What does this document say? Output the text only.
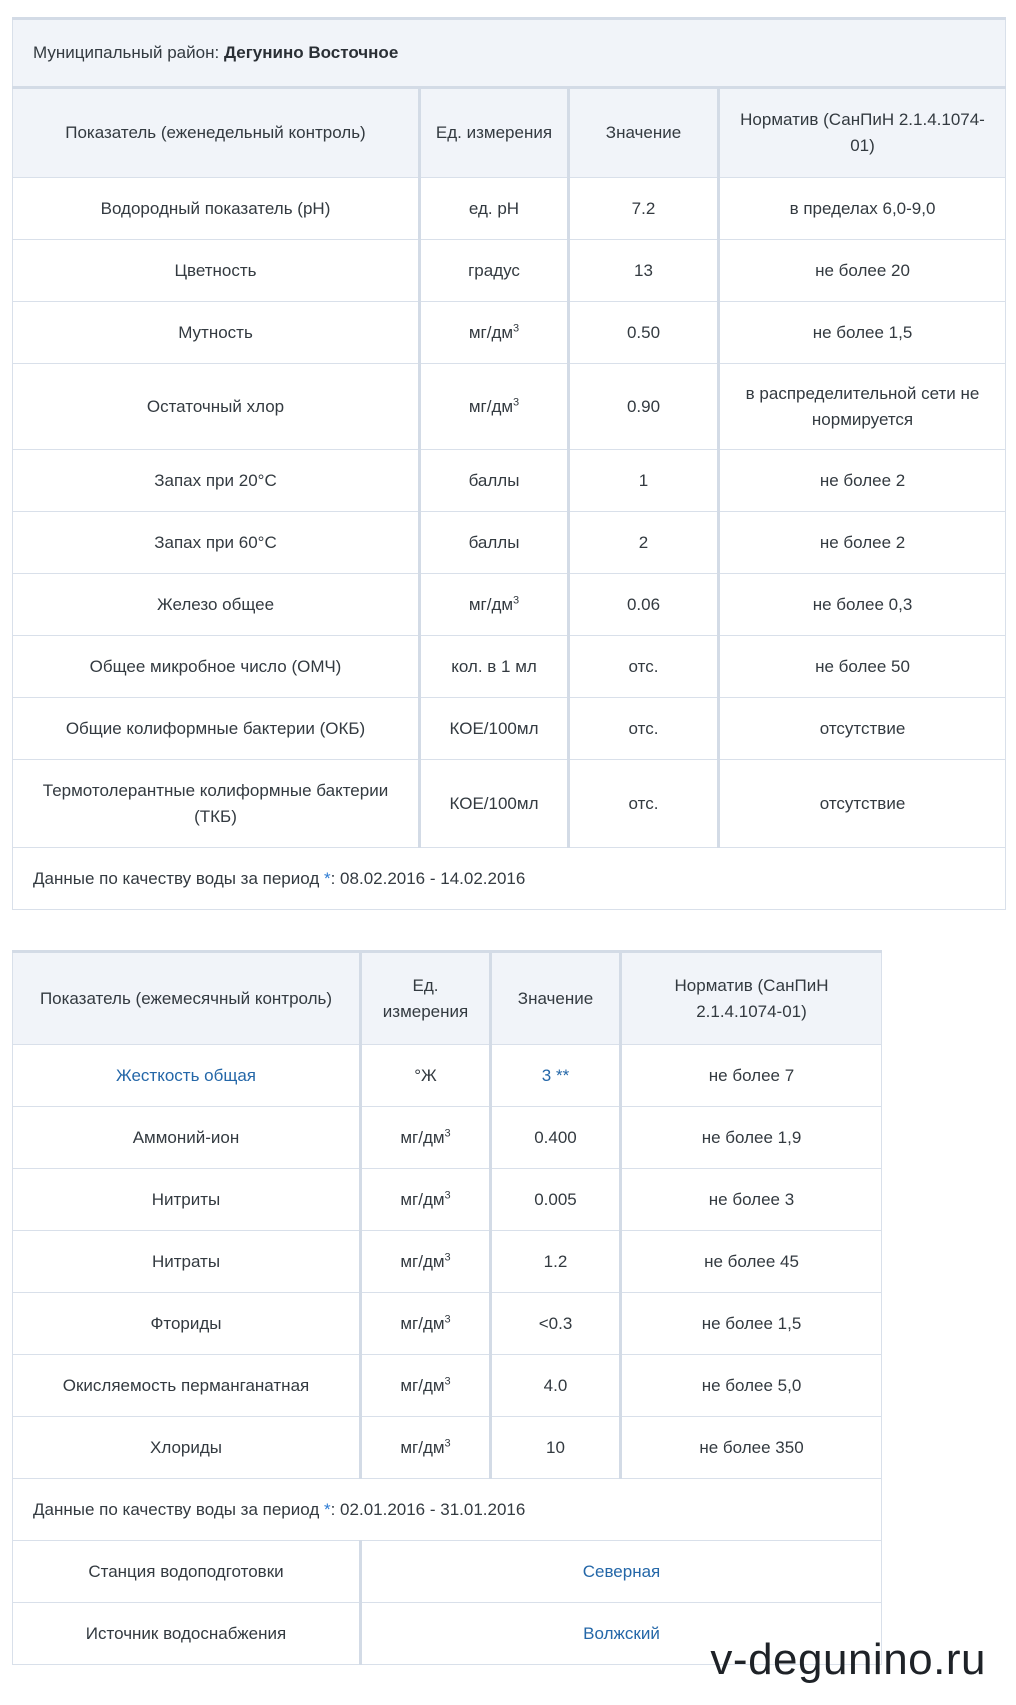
Муниципальный район: Дегунино Восточное			
Показатель (еженедельный контроль)	Ед. измерения	Значение	Норматив (СанПиН 2.1.4.1074-01)
Водородный показатель (рН)	ед. рН	7.2	в пределах 6,0-9,0
Цветность	градус	13	не более 20
Мутность	$мг/дм^3$	0.50	не более 1,5
Остаточный хлор	$мг/дм^3$	0.90	в распределительной сети не нормируется
Запах при 20°С	баллы	1	не более 2
Запах при 60°С	баллы	2	не более 2
Железо общее	$мг/дм^3$	0.06	не более 0,3
Общее микробное число (ОМЧ)	кол. в 1 мл	отс.	не более 50
Общие колиформные бактерии (ОКБ)	КОЕ/100мл	отс.	отсутствие
Термотолерантные колиформные бактерии (ТКБ)	КОЕ/100мл	отс.	отсутствие
Данные по качеству воды за период *: 08.02.2016 - 14.02.2016			
Показатель (ежемесячный контроль)	Ед. измерения	Значение	Норматив (СанПиН 2.1.4.1074-01)
Жесткость общая	°Ж	3 **	не более 7
Аммоний-ион	$мг/дм^3$	0.400	не более 1,9
Нитриты	$мг/дм^3$	0.005	не более 3
Нитраты	$мг/дм^3$	1.2	не более 45
Фториды	$мг/дм^3$	<0.3	не более 1,5
Окисляемость перманганатная	$мг/дм^3$	4.0	не более 5,0
Хлориды	$мг/дм^3$	10	не более 350
Данные по качеству воды за период *: 02.01.2016 - 31.01.2016			
Станция водоподготовки	Северная		
Источник водоснабжения	Волжский		
v-degunino.ru
